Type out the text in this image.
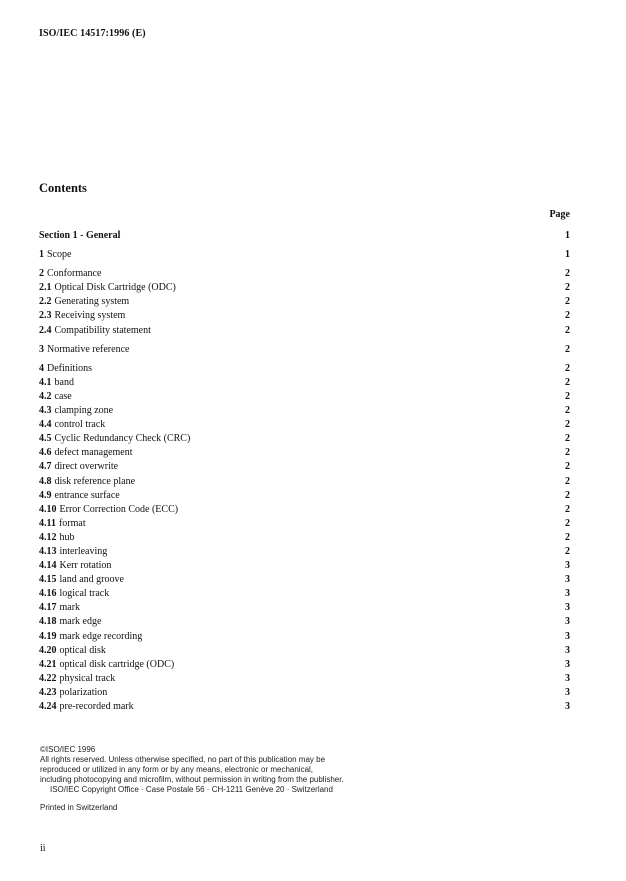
ISO/IEC 14517:1996 (E)
Contents
Page
Section 1 - General	1
1 Scope	1
2 Conformance	2
2.1 Optical Disk Cartridge (ODC)	2
2.2 Generating system	2
2.3 Receiving system	2
2.4 Compatibility statement	2
3 Normative reference	2
4 Definitions	2
4.1 band	2
4.2 case	2
4.3 clamping zone	2
4.4 control track	2
4.5 Cyclic Redundancy Check (CRC)	2
4.6 defect management	2
4.7 direct overwrite	2
4.8 disk reference plane	2
4.9 entrance surface	2
4.10 Error Correction Code (ECC)	2
4.11 format	2
4.12 hub	2
4.13 interleaving	2
4.14 Kerr rotation	3
4.15 land and groove	3
4.16 logical track	3
4.17 mark	3
4.18 mark edge	3
4.19 mark edge recording	3
4.20 optical disk	3
4.21 optical disk cartridge (ODC)	3
4.22 physical track	3
4.23 polarization	3
4.24 pre-recorded mark	3
©ISO/IEC 1996
All rights reserved. Unless otherwise specified, no part of this publication may be
reproduced or utilized in any form or by any means, electronic or mechanical,
including photocopying and microfilm, without permission in writing from the publisher.
ISO/IEC Copyright Office · Case Postale 56 · CH-1211 Genève 20 · Switzerland
Printed in Switzerland
ii
